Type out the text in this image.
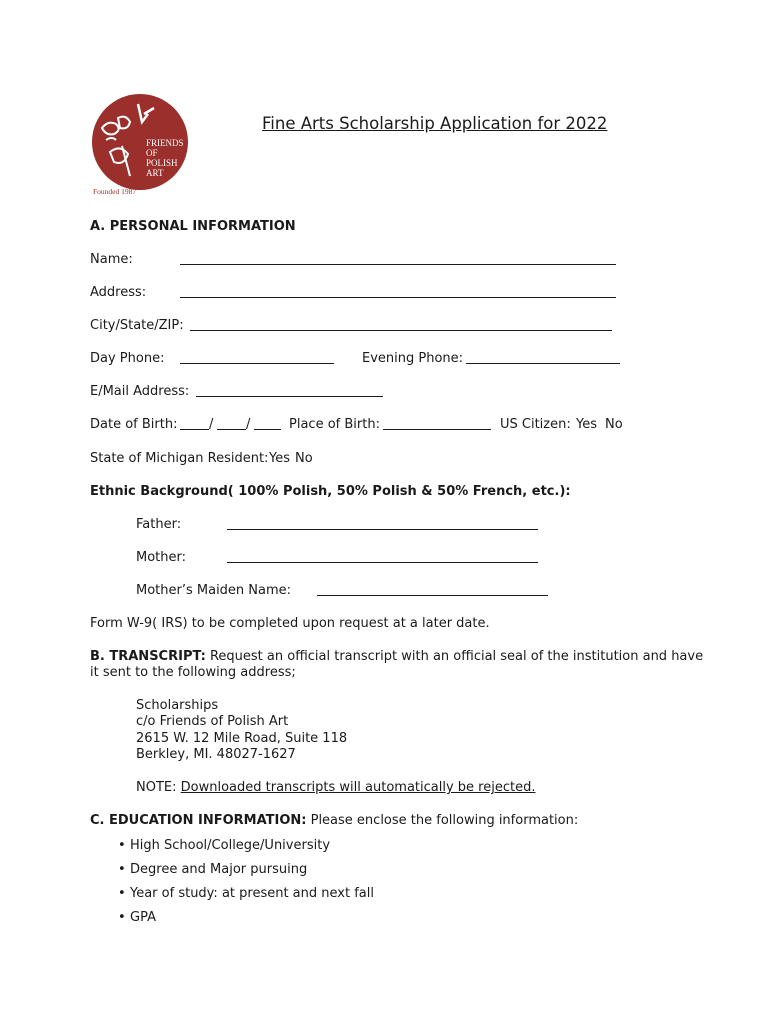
FRIENDS
OF
POLISH
ART
Founded 1987
Fine Arts Scholarship Application for 2022
A. PERSONAL INFORMATION
Name:
Address:
City/State/ZIP:
Day Phone:	Evening Phone:
E/Mail Address:
Date of Birth: /	/	Place of Birth:	US Citizen: Yes No
State of Michigan Resident: Yes No
Ethnic Background( 100% Polish, 50% Polish & 50% French, etc.):
Father:
Mother:
Mother’s Maiden Name:
Form W-9( IRS) to be completed upon request at a later date.
B. TRANSCRIPT: Request an official transcript with an official seal of the institution and have
it sent to the following address;
Scholarships
c/o Friends of Polish Art
2615 W. 12 Mile Road, Suite 118
Berkley, MI. 48027-1627
NOTE: Downloaded transcripts will automatically be rejected.
C. EDUCATION INFORMATION: Please enclose the following information:
• High School/College/University
• Degree and Major pursuing
• Year of study: at present and next fall
• GPA
